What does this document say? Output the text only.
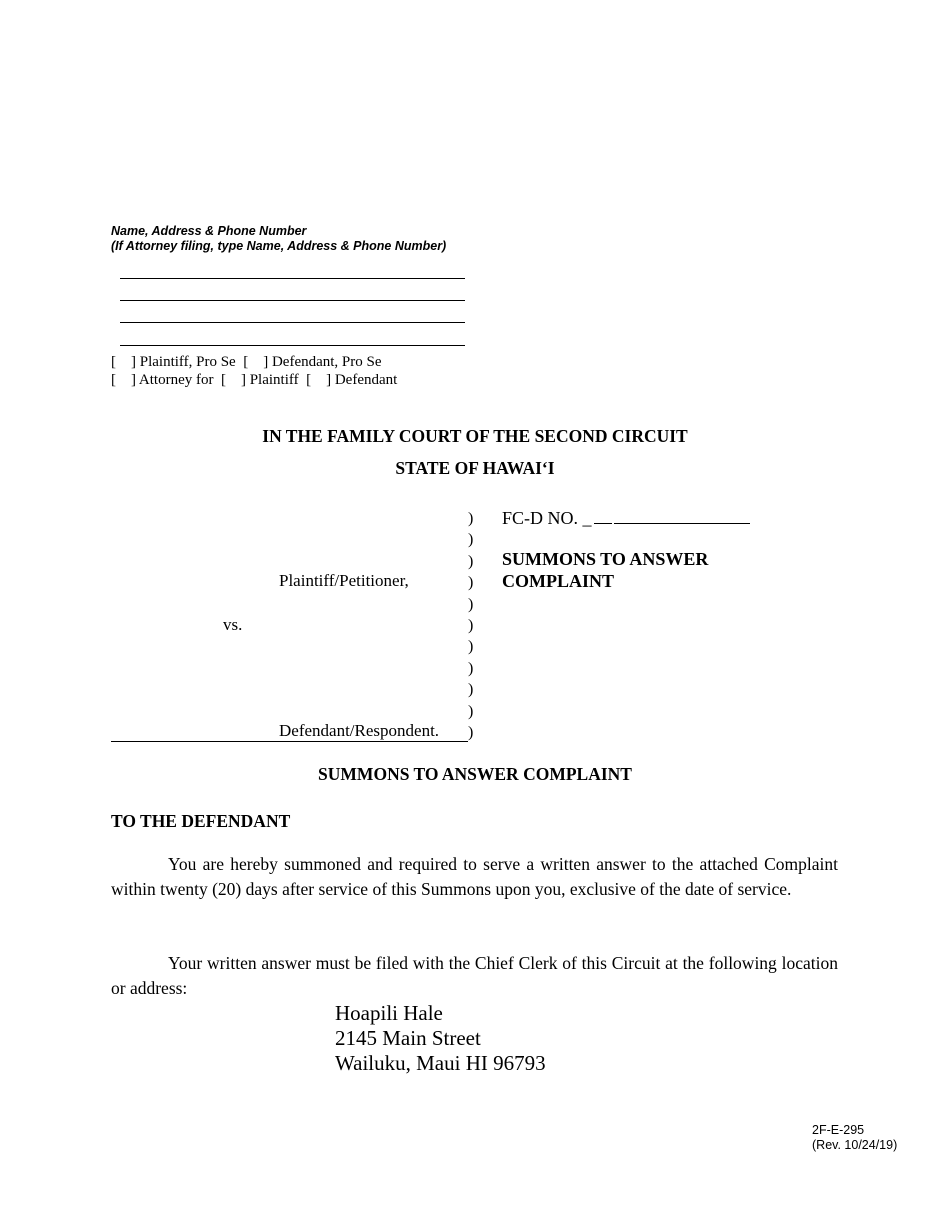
Name, Address & Phone Number
(If Attorney filing, type Name, Address & Phone Number)
[    ] Plaintiff, Pro Se  [    ] Defendant, Pro Se
[    ] Attorney for  [    ] Plaintiff  [    ] Defendant
IN THE FAMILY COURT OF THE SECOND CIRCUIT
STATE OF HAWAIʻI
)
)
)
)
)
)
)
)
)
)
)
Plaintiff/Petitioner,
vs.
Defendant/Respondent.
FC-D NO. _
SUMMONS TO ANSWER
COMPLAINT
SUMMONS TO ANSWER COMPLAINT
TO THE DEFENDANT
You are hereby summoned and required to serve a written answer to the attached Complaint within twenty (20) days after service of this Summons upon you, exclusive of the date of service.
Your written answer must be filed with the Chief Clerk of this Circuit at the following location or address:
Hoapili Hale
2145 Main Street
Wailuku, Maui HI 96793
2F-E-295
(Rev. 10/24/19)
